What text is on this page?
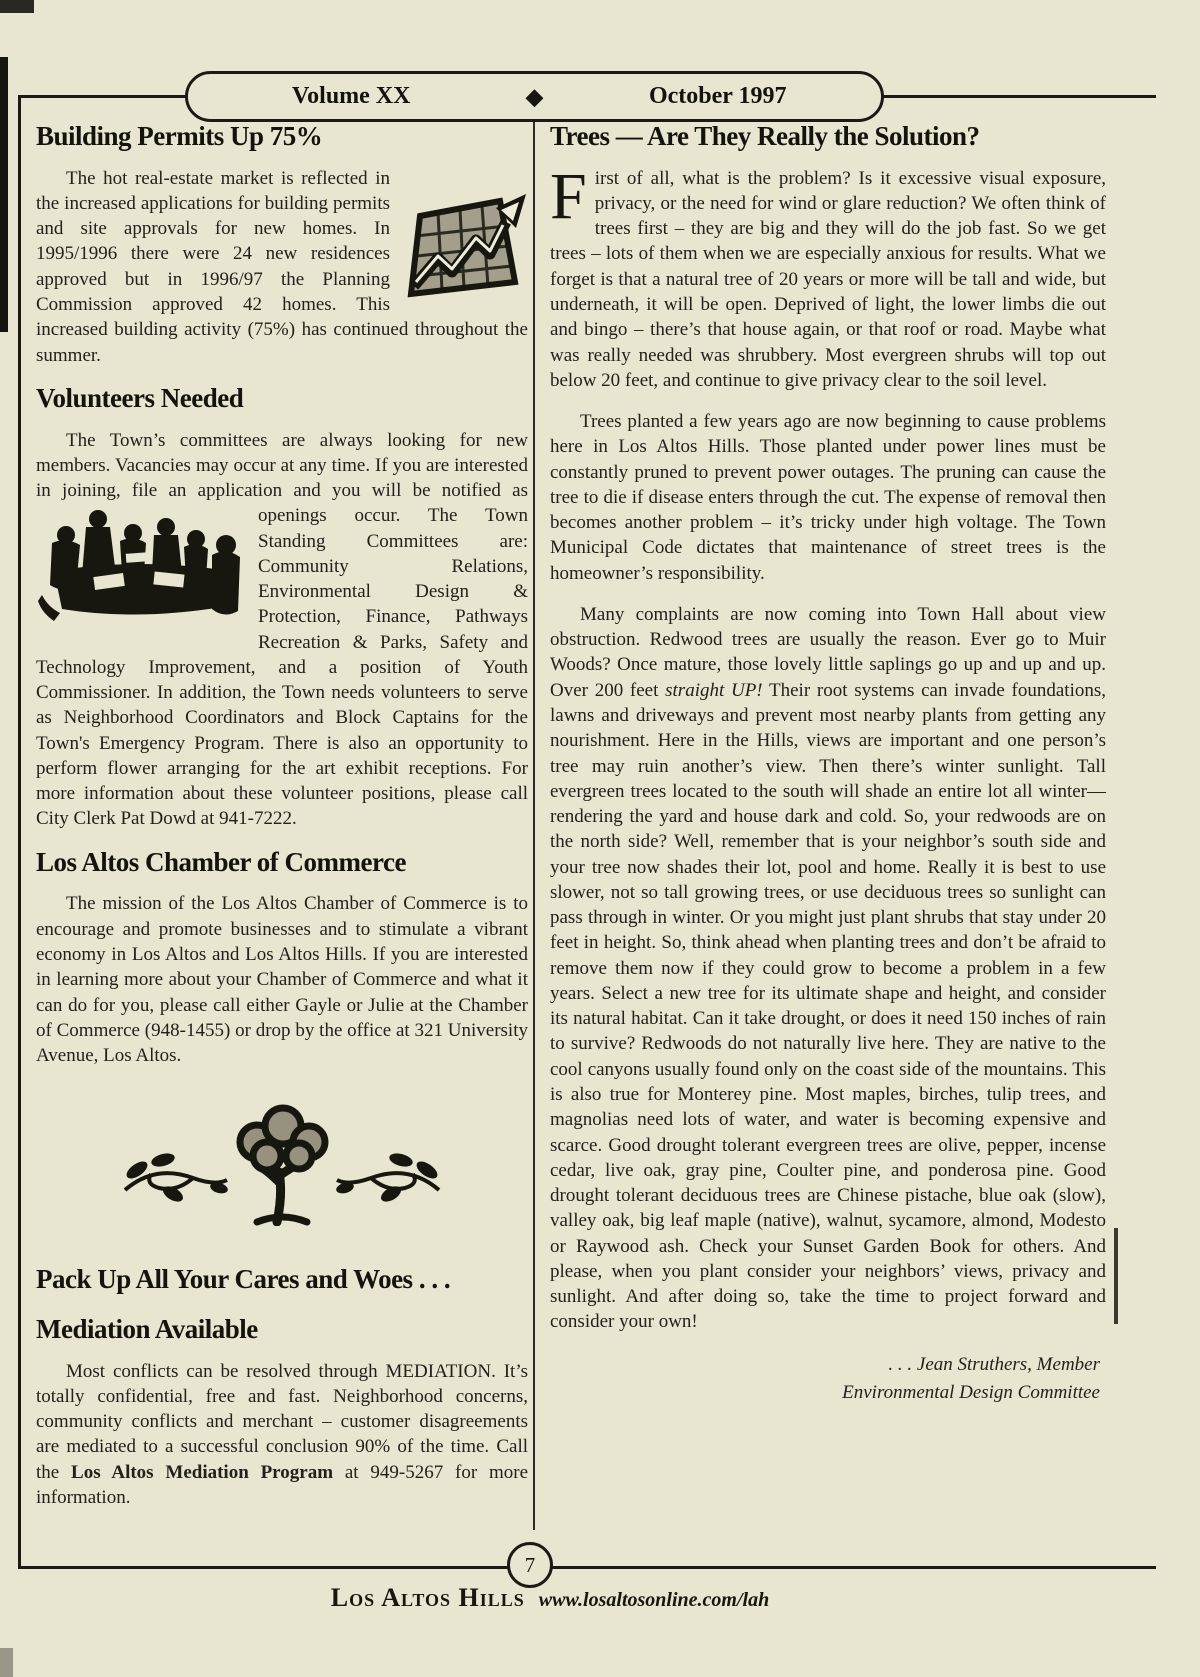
Volume XX	◆	October 1997
Building Permits Up 75%

The hot real-estate market is reflected in the increased applications for building permits and site approvals for new homes. In 1995/1996 there were 24 new residences approved but in 1996/97 the Planning Commission approved 42 homes. This increased building activity (75%) has continued throughout the summer.

Volunteers Needed

The Town’s committees are always looking for new members. Vacancies may occur at any time. If you are interested in joining, file an application and you will be notified as
openings occur. The Town Standing Committees are: Community Relations, Environmental Design & Protection, Finance, Pathways Recreation & Parks, Safety and Technology Improvement, and a position of Youth Commissioner. In addition, the Town needs volunteers to serve as Neighborhood Coordinators and Block Captains for the Town's Emergency Program. There is also an opportunity to perform flower arranging for the art exhibit receptions. For more information about these volunteer positions, please call City Clerk Pat Dowd at 941-7222.

Los Altos Chamber of Commerce

The mission of the Los Altos Chamber of Commerce is to encourage and promote businesses and to stimulate a vibrant economy in Los Altos and Los Altos Hills. If you are interested in learning more about your Chamber of Commerce and what it can do for you, please call either Gayle or Julie at the Chamber of Commerce (948-1455) or drop by the office at 321 University Avenue, Los Altos.

Pack Up All Your Cares and Woes . . .
Mediation Available

Most conflicts can be resolved through MEDIATION. It’s totally confidential, free and fast. Neighborhood concerns, community conflicts and merchant – customer disagreements are mediated to a successful conclusion 90% of the time. Call the Los Altos Mediation Program at 949-5267 for more information.

Trees — Are They Really the Solution?

First of all, what is the problem? Is it excessive visual exposure, privacy, or the need for wind or glare reduction? We often think of trees first – they are big and they will do the job fast. So we get trees – lots of them when we are especially anxious for results. What we forget is that a natural tree of 20 years or more will be tall and wide, but underneath, it will be open. Deprived of light, the lower limbs die out and bingo – there’s that house again, or that roof or road. Maybe what was really needed was shrubbery. Most evergreen shrubs will top out below 20 feet, and continue to give privacy clear to the soil level.

Trees planted a few years ago are now beginning to cause problems here in Los Altos Hills. Those planted under power lines must be constantly pruned to prevent power outages. The pruning can cause the tree to die if disease enters through the cut. The expense of removal then becomes another problem – it’s tricky under high voltage. The Town Municipal Code dictates that maintenance of street trees is the homeowner’s responsibility.

Many complaints are now coming into Town Hall about view obstruction. Redwood trees are usually the reason. Ever go to Muir Woods? Once mature, those lovely little saplings go up and up and up. Over 200 feet straight UP! Their root systems can invade foundations, lawns and driveways and prevent most nearby plants from getting any nourishment. Here in the Hills, views are important and one person’s tree may ruin another’s view. Then there’s winter sunlight. Tall evergreen trees located to the south will shade an entire lot all winter—rendering the yard and house dark and cold. So, your redwoods are on the north side? Well, remember that is your neighbor’s south side and your tree now shades their lot, pool and home. Really it is best to use slower, not so tall growing trees, or use deciduous trees so sunlight can pass through in winter. Or you might just plant shrubs that stay under 20 feet in height. So, think ahead when planting trees and don’t be afraid to remove them now if they could grow to become a problem in a few years. Select a new tree for its ultimate shape and height, and consider its natural habitat. Can it take drought, or does it need 150 inches of rain to survive? Redwoods do not naturally live here. They are native to the cool canyons usually found only on the coast side of the mountains. This is also true for Monterey pine. Most maples, birches, tulip trees, and magnolias need lots of water, and water is becoming expensive and scarce. Good drought tolerant evergreen trees are olive, pepper, incense cedar, live oak, gray pine, Coulter pine, and ponderosa pine. Good drought tolerant deciduous trees are Chinese pistache, blue oak (slow), valley oak, big leaf maple (native), walnut, sycamore, almond, Modesto or Raywood ash. Check your Sunset Garden Book for others. And please, when you plant consider your neighbors’ views, privacy and sunlight. And after doing so, take the time to project forward and consider your own!

. . . Jean Struthers, Member
Environmental Design Committee
7
Los Altos Hills www.losaltosonline.com/lah
